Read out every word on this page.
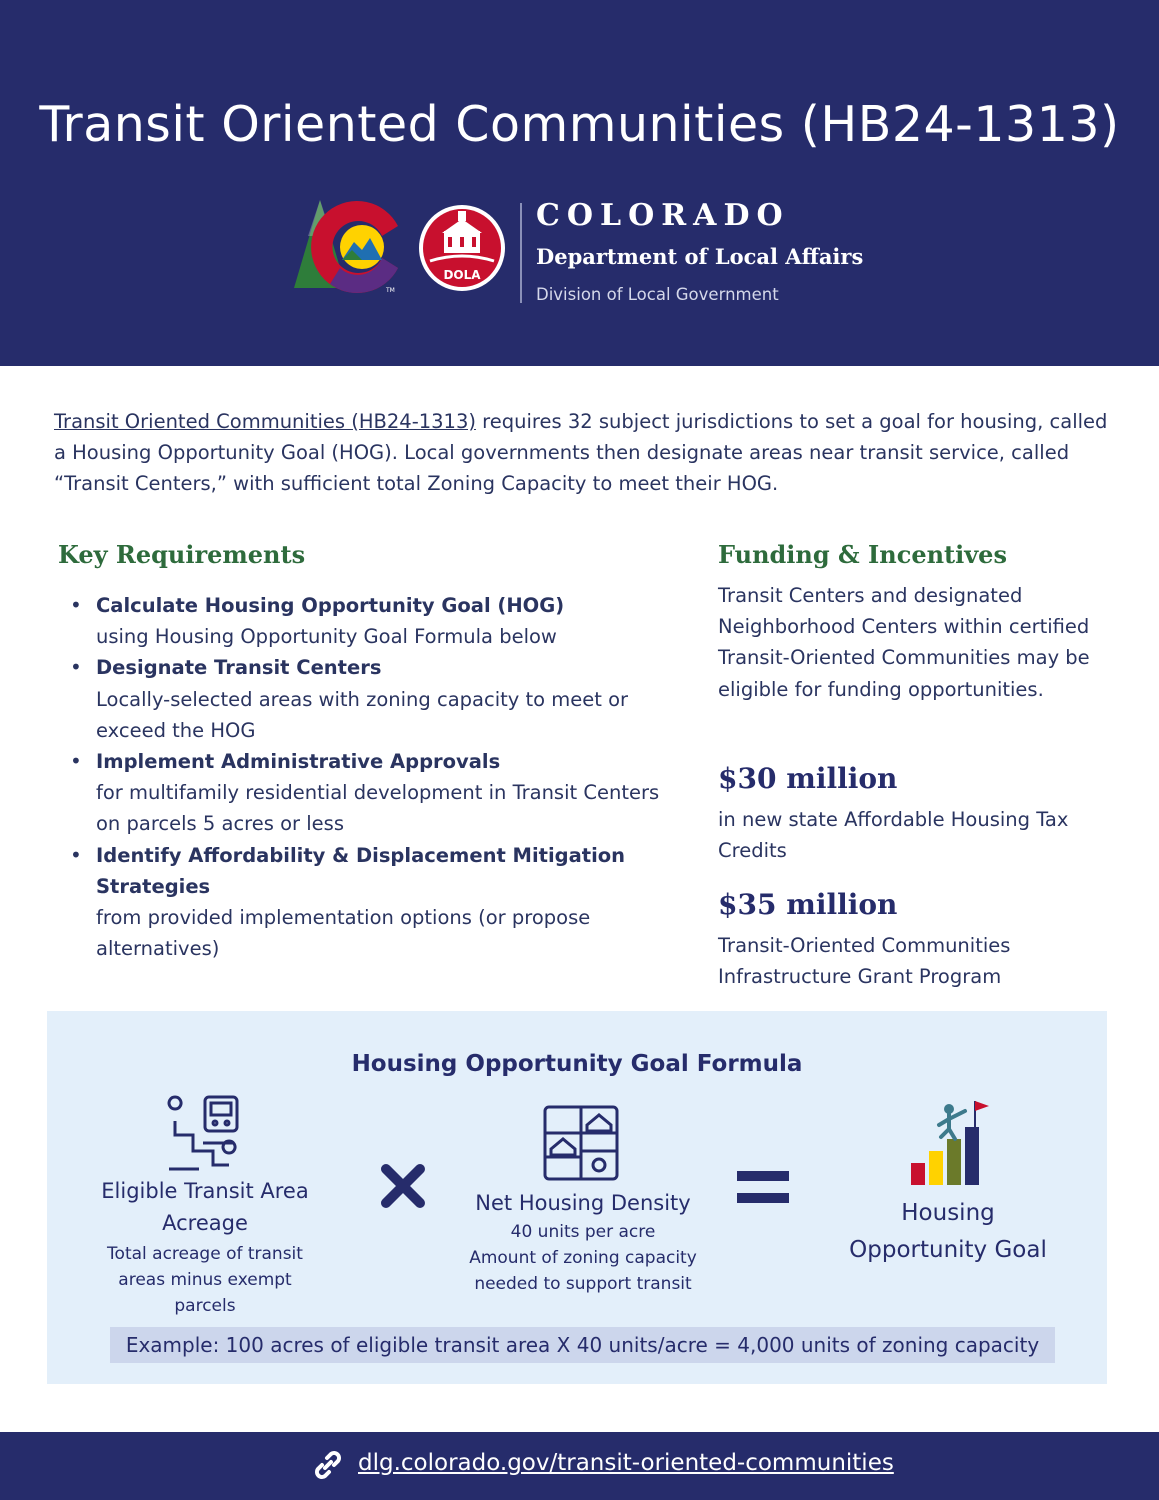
Transit Oriented Communities (HB24-1313)
TM
DOLA
COLORADO
Department of Local Affairs
Division of Local Government

Transit Oriented Communities (HB24-1313) requires 32 subject jurisdictions to set a goal for housing, called a Housing Opportunity Goal (HOG). Local governments then designate areas near transit service, called “Transit Centers,” with sufficient total Zoning Capacity to meet their HOG.

Key Requirements
• Calculate Housing Opportunity Goal (HOG)
using Housing Opportunity Goal Formula below
• Designate Transit Centers
Locally-selected areas with zoning capacity to meet or exceed the HOG
• Implement Administrative Approvals
for multifamily residential development in Transit Centers on parcels 5 acres or less
• Identify Affordability & Displacement Mitigation Strategies
from provided implementation options (or propose alternatives)
Funding & Incentives

Transit Centers and designated Neighborhood Centers within certified Transit-Oriented Communities may be eligible for funding opportunities.

$30 million

in new state Affordable Housing Tax Credits

$35 million

Transit-Oriented Communities Infrastructure Grant Program

Housing Opportunity Goal Formula
Eligible Transit Area Acreage
Total acreage of transit areas minus exempt parcels
Net Housing Density
40 units per acre
Amount of zoning capacity needed to support transit
Housing Opportunity Goal
Example: 100 acres of eligible transit area X 40 units/acre = 4,000 units of zoning capacity
dlg.colorado.gov/transit-oriented-communities
